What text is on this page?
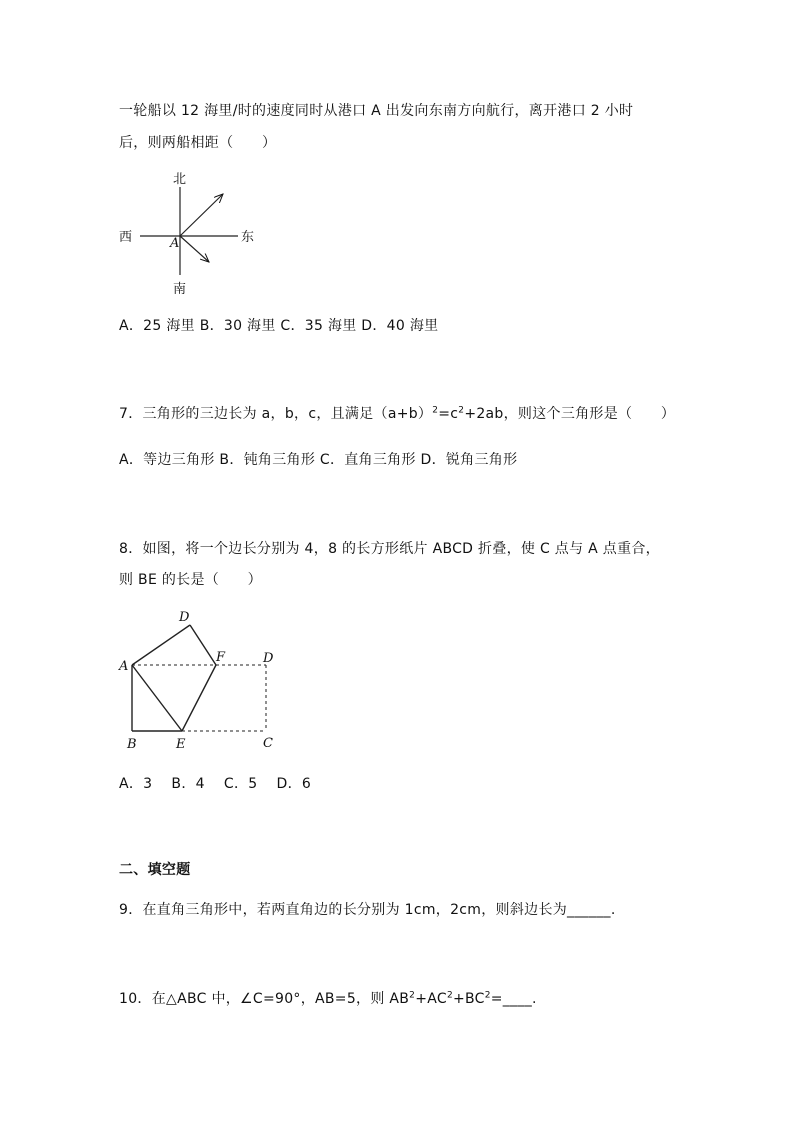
一轮船以 12 海里/时的速度同时从港口 A 出发向东南方向航行，离开港口 2 小时
后，则两船相距（　　）
北
南
东
西	A
A．25 海里 B．30 海里 C．35 海里 D．40 海里
7．三角形的三边长为 a，b，c，且满足$(a+b)^2=c^2+2ab$，则这个三角形是（　　）
A．等边三角形 B．钝角三角形 C．直角三角形 D．锐角三角形
8．如图，将一个边长分别为 4，8 的长方形纸片 ABCD 折叠，使 C 点与 A 点重合，
则 BE 的长是（　　）
D
A
F	D
B	E	C
A．3　 B．4　 C．5　 D．6
二、填空题
9．在直角三角形中，若两直角边的长分别为 1cm，2cm，则斜边长为______.
10．在△ABC 中，∠C=90°，AB=5，则 $AB^2+AC^2+BC^2=\_\_\_\_$.
